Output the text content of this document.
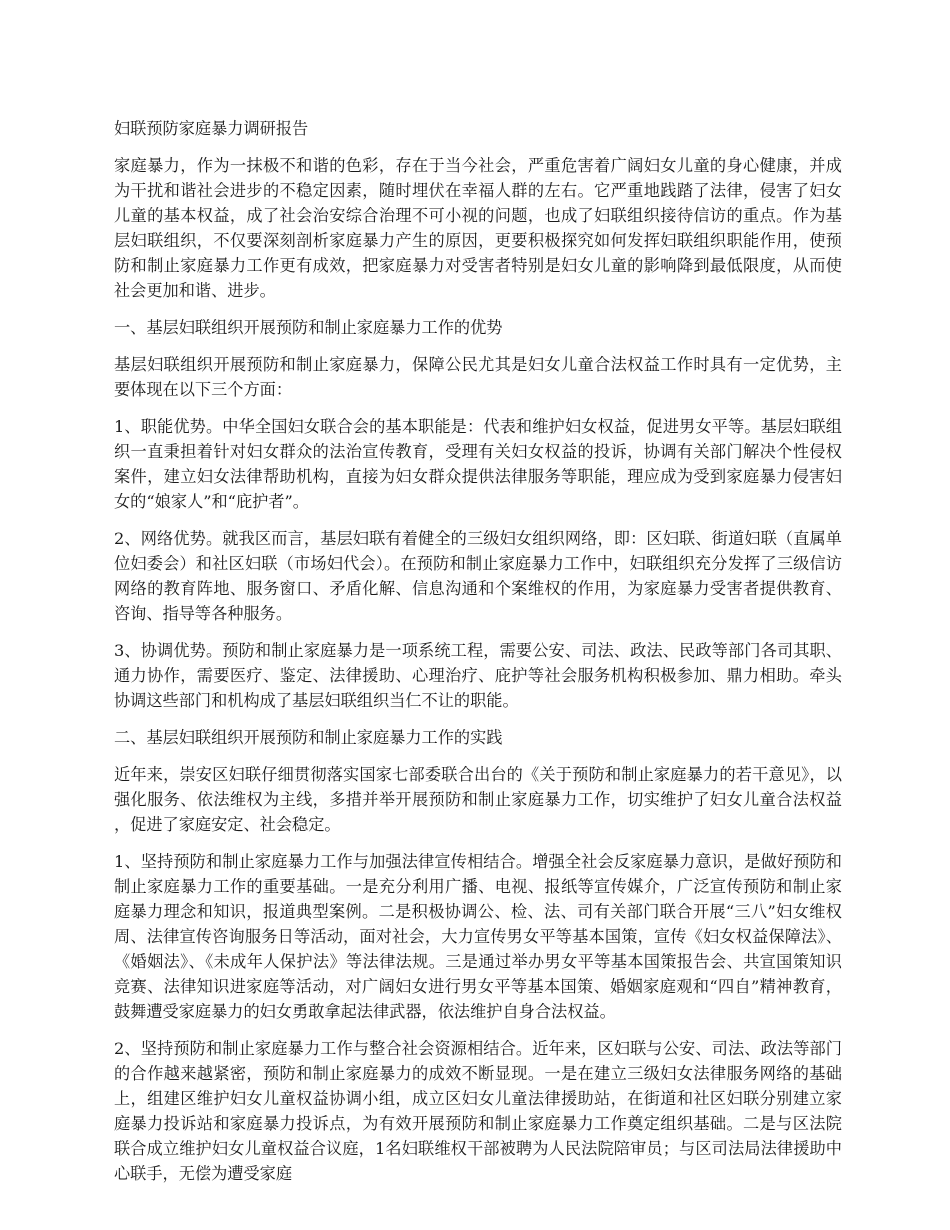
妇联预防家庭暴力调研报告

家庭暴力，作为一抹极不和谐的色彩，存在于当今社会，严重危害着广阔妇女儿童的身心健康，并成为干扰和谐社会进步的不稳定因素，随时埋伏在幸福人群的左右。它严重地践踏了法律，侵害了妇女儿童的基本权益，成了社会治安综合治理不可小视的问题，也成了妇联组织接待信访的重点。作为基层妇联组织，不仅要深刻剖析家庭暴力产生的原因，更要积极探究如何发挥妇联组织职能作用，使预防和制止家庭暴力工作更有成效，把家庭暴力对受害者特别是妇女儿童的影响降到最低限度，从而使社会更加和谐、进步。

一、基层妇联组织开展预防和制止家庭暴力工作的优势

基层妇联组织开展预防和制止家庭暴力，保障公民尤其是妇女儿童合法权益工作时具有一定优势，主要体现在以下三个方面：

1、职能优势。中华全国妇女联合会的基本职能是：代表和维护妇女权益，促进男女平等。基层妇联组织一直秉担着针对妇女群众的法治宣传教育，受理有关妇女权益的投诉，协调有关部门解决个性侵权案件，建立妇女法律帮助机构，直接为妇女群众提供法律服务等职能，理应成为受到家庭暴力侵害妇女的“娘家人”和“庇护者”。

2、网络优势。就我区而言，基层妇联有着健全的三级妇女组织网络，即：区妇联、街道妇联（直属单位妇委会）和社区妇联（市场妇代会）。在预防和制止家庭暴力工作中，妇联组织充分发挥了三级信访网络的教育阵地、服务窗口、矛盾化解、信息沟通和个案维权的作用，为家庭暴力受害者提供教育、咨询、指导等各种服务。

3、协调优势。预防和制止家庭暴力是一项系统工程，需要公安、司法、政法、民政等部门各司其职、通力协作，需要医疗、鉴定、法律援助、心理治疗、庇护等社会服务机构积极参加、鼎力相助。牵头协调这些部门和机构成了基层妇联组织当仁不让的职能。

二、基层妇联组织开展预防和制止家庭暴力工作的实践

近年来，崇安区妇联仔细贯彻落实国家七部委联合出台的《关于预防和制止家庭暴力的若干意见》，以强化服务、依法维权为主线，多措并举开展预防和制止家庭暴力工作，切实维护了妇女儿童合法权益，促进了家庭安定、社会稳定。

1、坚持预防和制止家庭暴力工作与加强法律宣传相结合。增强全社会反家庭暴力意识，是做好预防和制止家庭暴力工作的重要基础。一是充分利用广播、电视、报纸等宣传媒介，广泛宣传预防和制止家庭暴力理念和知识，报道典型案例。二是积极协调公、检、法、司有关部门联合开展“三八”妇女维权周、法律宣传咨询服务日等活动，面对社会，大力宣传男女平等基本国策，宣传《妇女权益保障法》、《婚姻法》、《未成年人保护法》等法律法规。三是通过举办男女平等基本国策报告会、共宣国策知识竞赛、法律知识进家庭等活动，对广阔妇女进行男女平等基本国策、婚姻家庭观和“四自”精神教育，鼓舞遭受家庭暴力的妇女勇敢拿起法律武器，依法维护自身合法权益。

2、坚持预防和制止家庭暴力工作与整合社会资源相结合。近年来，区妇联与公安、司法、政法等部门的合作越来越紧密，预防和制止家庭暴力的成效不断显现。一是在建立三级妇女法律服务网络的基础上，组建区维护妇女儿童权益协调小组，成立区妇女儿童法律援助站，在街道和社区妇联分别建立家庭暴力投诉站和家庭暴力投诉点，为有效开展预防和制止家庭暴力工作奠定组织基础。二是与区法院联合成立维护妇女儿童权益合议庭，1名妇联维权干部被聘为人民法院陪审员；与区司法局法律援助中心联手，无偿为遭受家庭
